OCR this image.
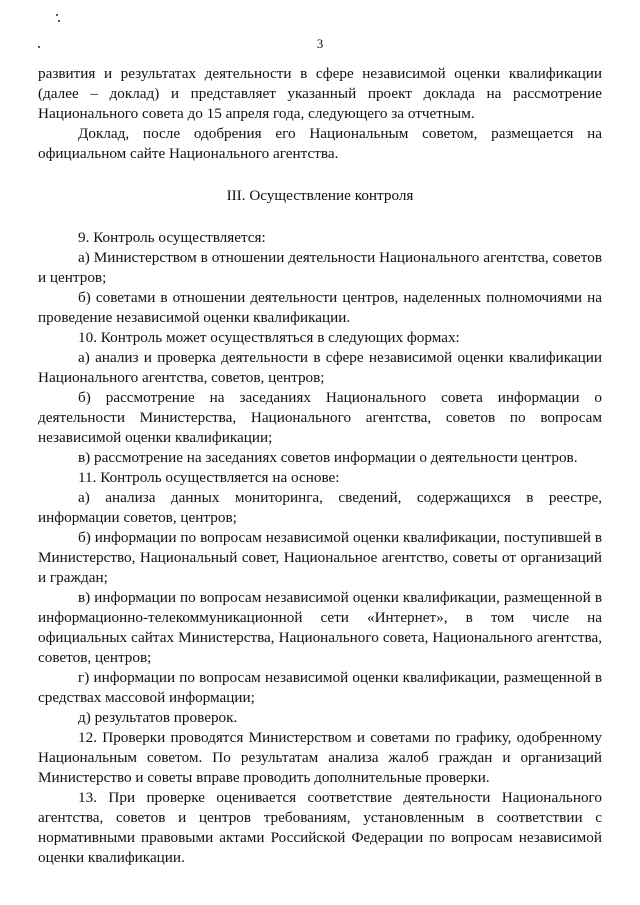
3

развития и результатах деятельности в сфере независимой оценки квалификации (далее – доклад) и представляет указанный проект доклада на рассмотрение Национального совета до 15 апреля года, следующего за отчетным.

Доклад, после одобрения его Национальным советом, размещается на официальном сайте Национального агентства.

III. Осуществление контроля

9. Контроль осуществляется:

а) Министерством в отношении деятельности Национального агентства, советов и центров;

б) советами в отношении деятельности центров, наделенных полномочиями на проведение независимой оценки квалификации.

10. Контроль может осуществляться в следующих формах:

а) анализ и проверка деятельности в сфере независимой оценки квалификации Национального агентства, советов, центров;

б) рассмотрение на заседаниях Национального совета информации о деятельности Министерства, Национального агентства, советов по вопросам независимой оценки квалификации;

в) рассмотрение на заседаниях советов информации о деятельности центров.

11. Контроль осуществляется на основе:

а) анализа данных мониторинга, сведений, содержащихся в реестре, информации советов, центров;

б) информации по вопросам независимой оценки квалификации, поступившей в Министерство, Национальный совет, Национальное агентство, советы от организаций и граждан;

в) информации по вопросам независимой оценки квалификации, размещенной в информационно-телекоммуникационной сети «Интернет», в том числе на официальных сайтах Министерства, Национального совета, Национального агентства, советов, центров;

г) информации по вопросам независимой оценки квалификации, размещенной в средствах массовой информации;

д) результатов проверок.

12. Проверки проводятся Министерством и советами по графику, одобренному Национальным советом. По результатам анализа жалоб граждан и организаций Министерство и советы вправе проводить дополнительные проверки.

13. При проверке оценивается соответствие деятельности Национального агентства, советов и центров требованиям, установленным в соответствии с нормативными правовыми актами Российской Федерации по вопросам независимой оценки квалификации.
